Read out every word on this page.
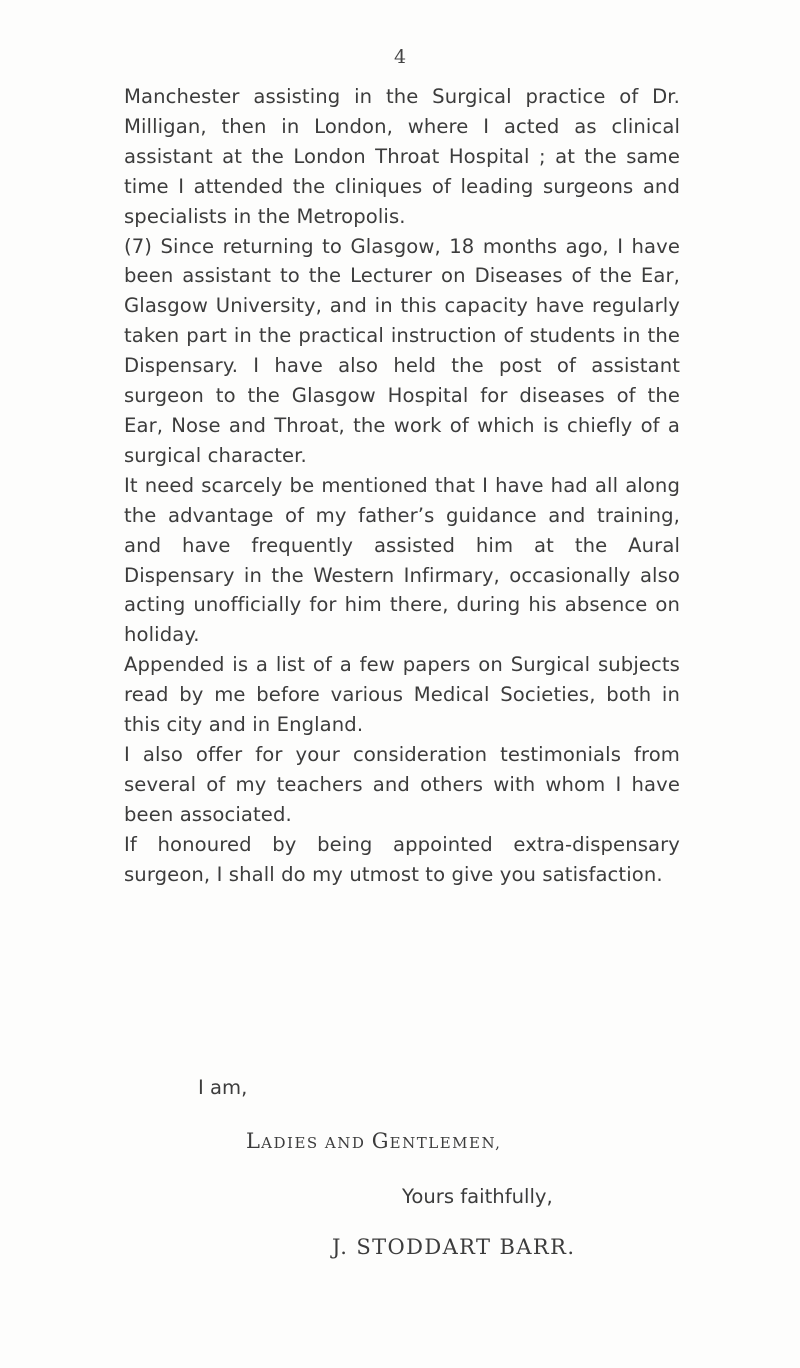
4

Manchester assisting in the Surgical practice of Dr. Milligan, then in London, where I acted as clinical assistant at the London Throat Hospital ; at the same time I attended the cliniques of leading surgeons and specialists in the Metropolis.

(7) Since returning to Glasgow, 18 months ago, I have been assistant to the Lecturer on Diseases of the Ear, Glasgow University, and in this capacity have regularly taken part in the practical instruction of students in the Dispensary. I have also held the post of assistant surgeon to the Glasgow Hospital for diseases of the Ear, Nose and Throat, the work of which is chiefly of a surgical character.

It need scarcely be mentioned that I have had all along the advantage of my father’s guidance and training, and have frequently assisted him at the Aural Dispensary in the Western Infirmary, occasionally also acting unofficially for him there, during his absence on holiday.

Appended is a list of a few papers on Surgical subjects read by me before various Medical Societies, both in this city and in England.

I also offer for your consideration testimonials from several of my teachers and others with whom I have been associated.

If honoured by being appointed extra-dispensary surgeon, I shall do my utmost to give you satisfaction.

I am,
LADIES AND GENTLEMEN,
Yours faithfully,
J. STODDART BARR.
